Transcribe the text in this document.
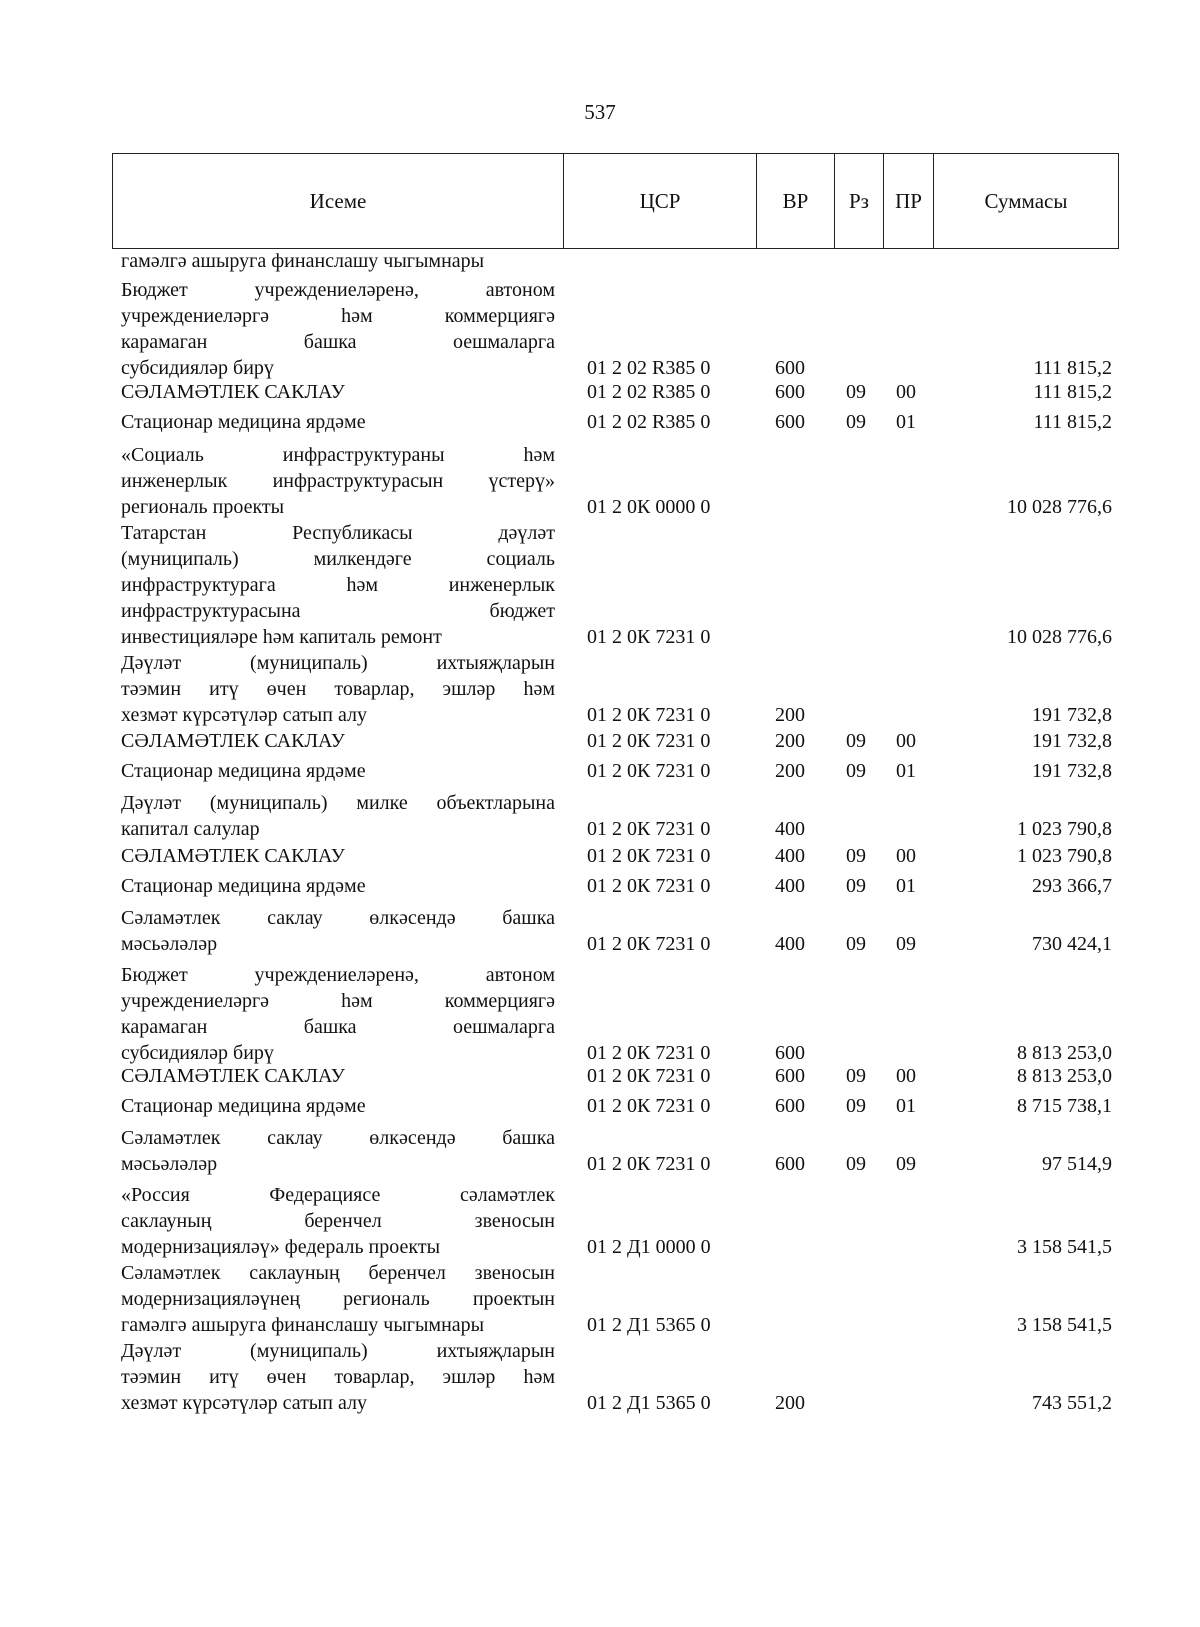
537
Исеме	ЦСР	ВР	Рз	ПР	Суммасы
гамәлгә ашыруга финанслашу чыгымнары
Бюджет учреждениеләренә, автоном
учреждениеләргә һәм коммерциягә
карамаган башка оешмаларга
субсидияләр бирү	01 2 02 R385 0	600	111 815,2
СӘЛАМӘТЛЕК САКЛАУ	01 2 02 R385 0	600 09 00	111 815,2
Стационар медицина ярдәме	01 2 02 R385 0	600 09 01	111 815,2
«Социаль инфраструктураны һәм
инженерлык инфраструктурасын үстерү»
региональ проекты	01 2 0К 0000 0	10 028 776,6
Татарстан Республикасы дәүләт
(муниципаль) милкендәге социаль
инфраструктурага һәм инженерлык
инфраструктурасына бюджет
инвестицияләре һәм капиталь ремонт	01 2 0К 7231 0	10 028 776,6
Дәүләт (муниципаль) ихтыяҗларын
тәэмин итү өчен товарлар, эшләр һәм
хезмәт күрсәтүләр сатып алу	01 2 0К 7231 0	200	191 732,8
СӘЛАМӘТЛЕК САКЛАУ	01 2 0К 7231 0	200 09 00	191 732,8
Стационар медицина ярдәме	01 2 0К 7231 0	200 09 01	191 732,8
Дәүләт (муниципаль) милке объектларына
капитал салулар	01 2 0К 7231 0	400	1 023 790,8
СӘЛАМӘТЛЕК САКЛАУ	01 2 0К 7231 0	400 09 00	1 023 790,8
Стационар медицина ярдәме	01 2 0К 7231 0	400 09 01	293 366,7
Сәламәтлек саклау өлкәсендә башка
мәсьәләләр	01 2 0К 7231 0	400 09 09	730 424,1
Бюджет учреждениеләренә, автоном
учреждениеләргә һәм коммерциягә
карамаган башка оешмаларга
субсидияләр бирү	01 2 0К 7231 0	600	8 813 253,0
СӘЛАМӘТЛЕК САКЛАУ	01 2 0К 7231 0	600 09 00	8 813 253,0
Стационар медицина ярдәме	01 2 0К 7231 0	600 09 01	8 715 738,1
Сәламәтлек саклау өлкәсендә башка
мәсьәләләр	01 2 0К 7231 0	600 09 09	97 514,9
«Россия Федерациясе сәламәтлек
саклауның беренчел звеносын
модернизацияләү» федераль проекты	01 2 Д1 0000 0	3 158 541,5
Сәламәтлек саклауның беренчел звеносын
модернизацияләүнең региональ проектын
гамәлгә ашыруга финанслашу чыгымнары	01 2 Д1 5365 0	3 158 541,5
Дәүләт (муниципаль) ихтыяҗларын
тәэмин итү өчен товарлар, эшләр һәм
хезмәт күрсәтүләр сатып алу	01 2 Д1 5365 0	200	743 551,2
